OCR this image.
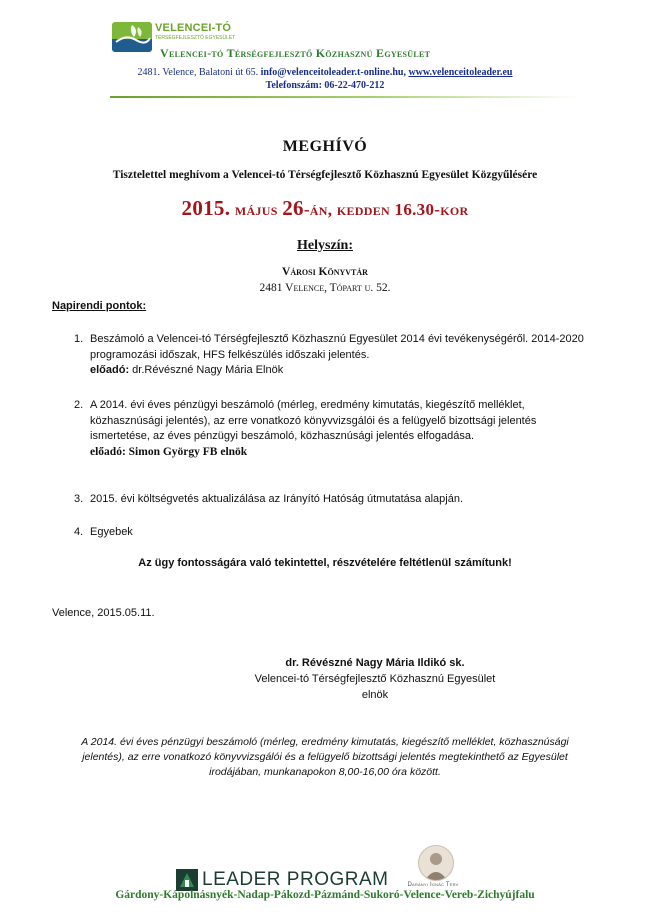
VELENCEI-TÓ
TÉRSÉGFEJLESZTŐ EGYESÜLET
Velencei-tó Térségfejlesztő Közhasznú Egyesület
2481. Velence, Balatoni út 65. info@velenceitoleader.t-online.hu, www.velenceitoleader.eu
Telefonszám: 06-22-470-212
MEGHÍVÓ
Tisztelettel meghívom a Velencei-tó Térségfejlesztő Közhasznú Egyesület Közgyűlésére
2015. május 26-án, kedden 16.30-kor
Helyszín:
Városi Könyvtár
2481 Velence, Tópart u. 52.
Napirendi pontok:
1. Beszámoló a Velencei-tó Térségfejlesztő Közhasznú Egyesület 2014 évi tevékenységéről. 2014-2020 programozási időszak, HFS felkészülés időszaki jelentés.
előadó: dr.Révészné Nagy Mária Elnök
2. A 2014. évi éves pénzügyi beszámoló (mérleg, eredmény kimutatás, kiegészítő melléklet, közhasznúsági jelentés), az erre vonatkozó könyvvizsgálói és a felügyelő bizottsági jelentés ismertetése, az éves pénzügyi beszámoló, közhasznúsági jelentés elfogadása.
előadó: Simon György FB elnök
3. 2015. évi költségvetés aktualizálása az Irányító Hatóság útmutatása alapján.
4. Egyebek
Az ügy fontosságára való tekintettel, részvételére feltétlenül számítunk!
Velence, 2015.05.11.
dr. Révészné Nagy Mária Ildikó sk.
Velencei-tó Térségfejlesztő Közhasznú Egyesület
elnök
A 2014. évi éves pénzügyi beszámoló (mérleg, eredmény kimutatás, kiegészítő melléklet, közhasznúsági jelentés), az erre vonatkozó könyvvizsgálói és a felügyelő bizottsági jelentés megtekinthető az Egyesület irodájában, munkanapokon 8,00-16,00 óra között.
LEADER PROGRAM	Darányi Ignác Terv
Gárdony-Kápolnásnyék-Nadap-Pákozd-Pázmánd-Sukoró-Velence-Vereb-Zichyújfalu
